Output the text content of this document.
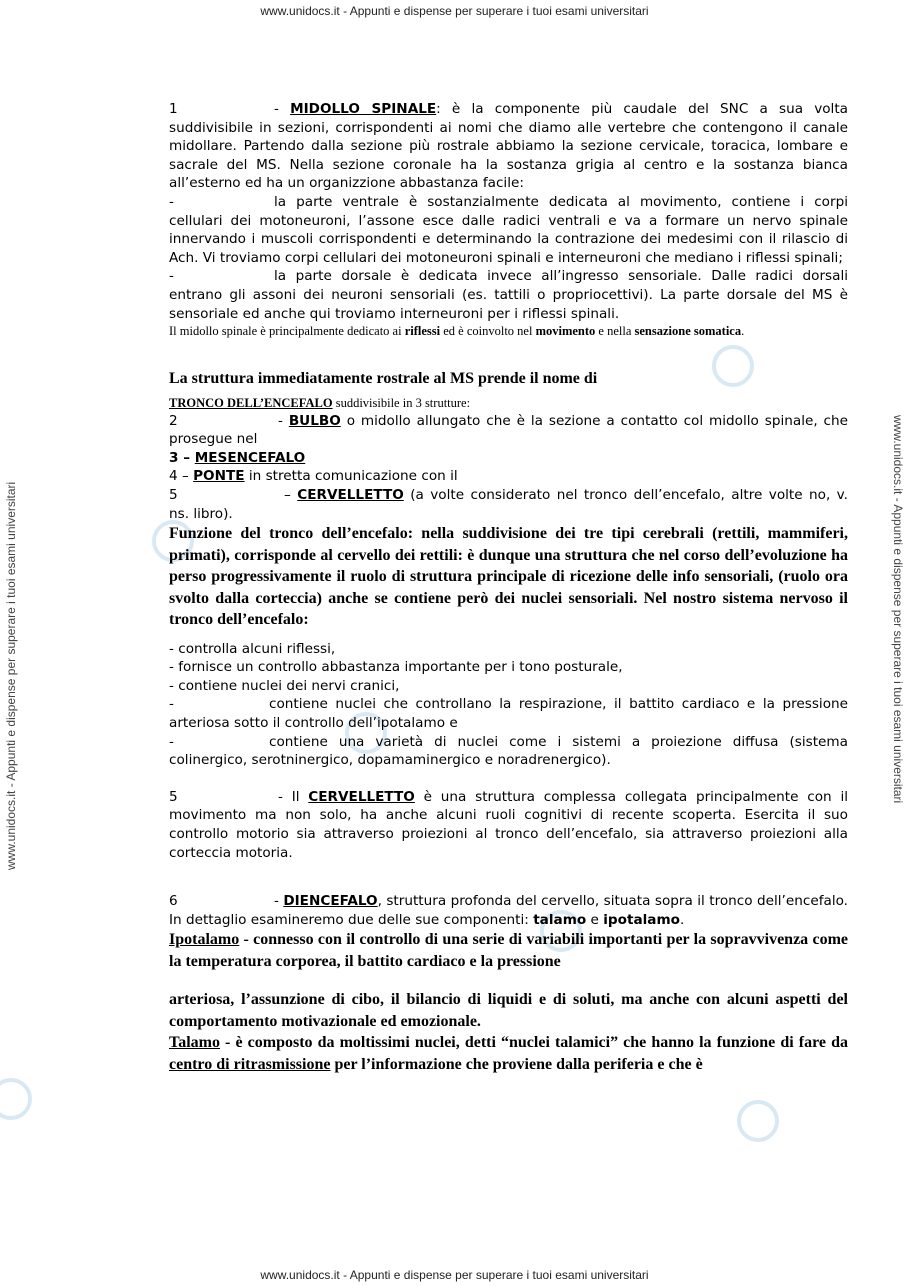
www.unidocs.it - Appunti e dispense per superare i tuoi esami universitari
www.unidocs.it - Appunti e dispense per superare i tuoi esami universitari	www.unidocs.it - Appunti e dispense per superare i tuoi esami universitari

1	- MIDOLLO SPINALE: è la componente più caudale del SNC a sua volta suddivisibile in sezioni, corrispondenti ai nomi che diamo alle vertebre che contengono il canale midollare. Partendo dalla sezione più rostrale abbiamo la sezione cervicale, toracica, lombare e sacrale del MS. Nella sezione coronale ha la sostanza grigia al centro e la sostanza bianca all’esterno ed ha un organizzione abbastanza facile:

-	la parte ventrale è sostanzialmente dedicata al movimento, contiene i corpi cellulari dei motoneuroni, l’assone esce dalle radici ventrali e va a formare un nervo spinale innervando i muscoli corrispondenti e determinando la contrazione dei medesimi con il rilascio di Ach. Vi troviamo corpi cellulari dei motoneuroni spinali e interneuroni che mediano i riflessi spinali;

-	la parte dorsale è dedicata invece all’ingresso sensoriale. Dalle radici dorsali entrano gli assoni dei neuroni sensoriali (es. tattili o propriocettivi). La parte dorsale del MS è sensoriale ed anche qui troviamo interneuroni per i riflessi spinali.

Il midollo spinale è principalmente dedicato ai riflessi ed è coinvolto nel movimento e nella sensazione somatica.

La struttura immediatamente rostrale al MS prende il nome di

TRONCO DELL’ENCEFALO suddivisibile in 3 strutture:

2	- BULBO o midollo allungato che è la sezione a contatto col midollo spinale, che prosegue nel

3 – MESENCEFALO

4 – PONTE in stretta comunicazione con il

5	– CERVELLETTO (a volte considerato nel tronco dell’encefalo, altre volte no, v. ns. libro).

Funzione del tronco dell’encefalo: nella suddivisione dei tre tipi cerebrali (rettili, mammiferi, primati), corrisponde al cervello dei rettili: è dunque una struttura che nel corso dell’evoluzione ha perso progressivamente il ruolo di struttura principale di ricezione delle info sensoriali, (ruolo ora svolto dalla corteccia) anche se contiene però dei nuclei sensoriali. Nel nostro sistema nervoso il tronco dell’encefalo:

- controlla alcuni riflessi,

- fornisce un controllo abbastanza importante per i tono posturale,

- contiene nuclei dei nervi cranici,

-	contiene nuclei che controllano la respirazione, il battito cardiaco e la pressione arteriosa sotto il controllo dell’ipotalamo e

-	contiene una varietà di nuclei come i sistemi a proiezione diffusa (sistema colinergico, serotninergico, dopamaminergico e noradrenergico).

5	- Il CERVELLETTO è una struttura complessa collegata principalmente con il movimento ma non solo, ha anche alcuni ruoli cognitivi di recente scoperta. Esercita il suo controllo motorio sia attraverso proiezioni al tronco dell’encefalo, sia attraverso proiezioni alla corteccia motoria.

6	- DIENCEFALO, struttura profonda del cervello, situata sopra il tronco dell’encefalo. In dettaglio esamineremo due delle sue componenti: talamo e ipotalamo.

Ipotalamo - connesso con il controllo di una serie di variabili importanti per la sopravvivenza come la temperatura corporea, il battito cardiaco e la pressione

arteriosa, l’assunzione di cibo, il bilancio di liquidi e di soluti, ma anche con alcuni aspetti del comportamento motivazionale ed emozionale.

Talamo - è composto da moltissimi nuclei, detti “nuclei talamici” che hanno la funzione di fare da centro di ritrasmissione per l’informazione che proviene dalla periferia e che è

www.unidocs.it - Appunti e dispense per superare i tuoi esami universitari
